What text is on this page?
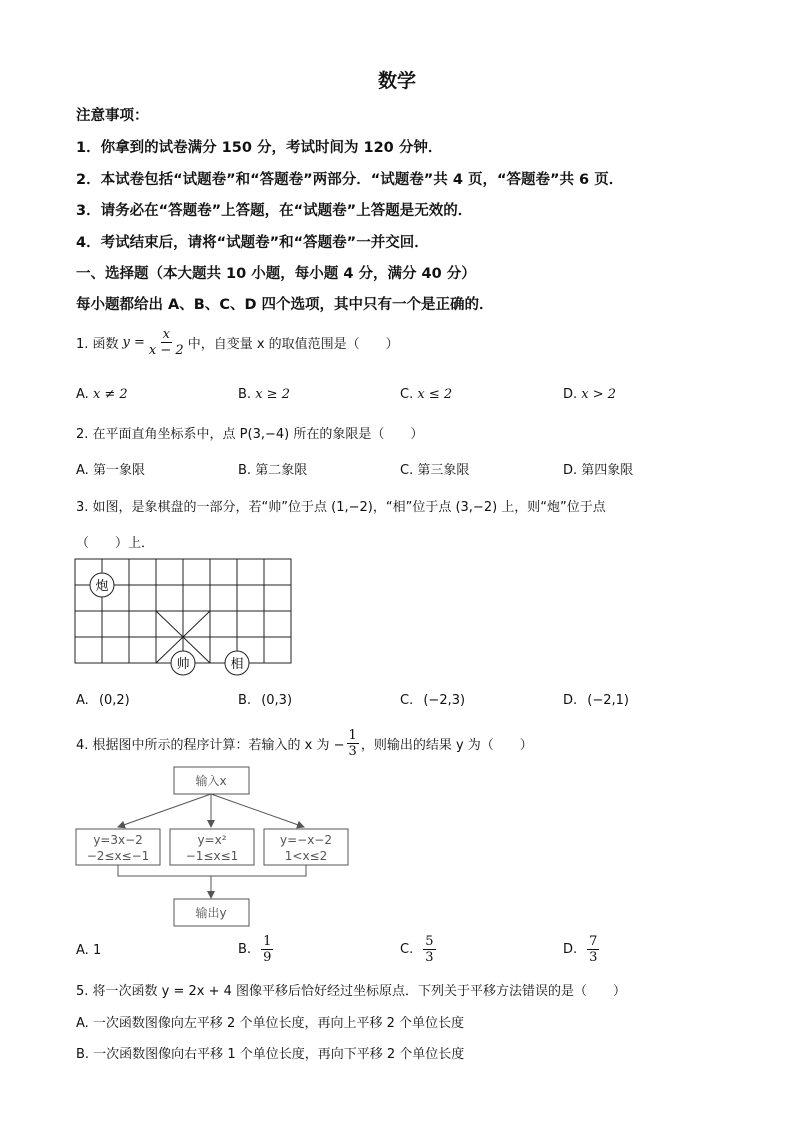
数学
注意事项：
1．你拿到的试卷满分 150 分，考试时间为 120 分钟．
2．本试卷包括“试题卷”和“答题卷”两部分．“试题卷”共 4 页，“答题卷”共 6 页．
3．请务必在“答题卷”上答题，在“试题卷”上答题是无效的．
4．考试结束后，请将“试题卷”和“答题卷”一并交回．
一、选择题（本大题共 10 小题，每小题 4 分，满分 40 分）
每小题都给出 A、B、C、D 四个选项，其中只有一个是正确的．
1. 函数 $y = \frac{x}{x - 2}$ 中，自变量 x 的取值范围是（　　）
A. x ≠ 2	B. x ≥ 2	C. x ≤ 2	D. x > 2
2. 在平面直角坐标系中，点 P(3,−4) 所在的象限是（　　）
A. 第一象限	B. 第二象限	C. 第三象限	D. 第四象限
3. 如图，是象棋盘的一部分，若“帅”位于点 (1,−2)，“相”位于点 (3,−2) 上，则“炮”位于点
（　　）上．
炮
帅	相
A. (0,2)	B. (0,3)	C. (−2,3)	D. (−2,1)
4. 根据图中所示的程序计算：若输入的 x 为 − $\frac{1}{3}$ ，则输出的结果 y 为（　　）
输入x
y=3x−2
−2≤x≤−1
y=x²
−1≤x≤1
y=−x−2
1<x≤2
输出y
A. 1	B. $\frac{1}{9}$	C. $\frac{5}{3}$	D. $\frac{7}{3}$
5. 将一次函数 y = 2x + 4 图像平移后恰好经过坐标原点．下列关于平移方法错误的是（　　）
A. 一次函数图像向左平移 2 个单位长度，再向上平移 2 个单位长度
B. 一次函数图像向右平移 1 个单位长度，再向下平移 2 个单位长度
